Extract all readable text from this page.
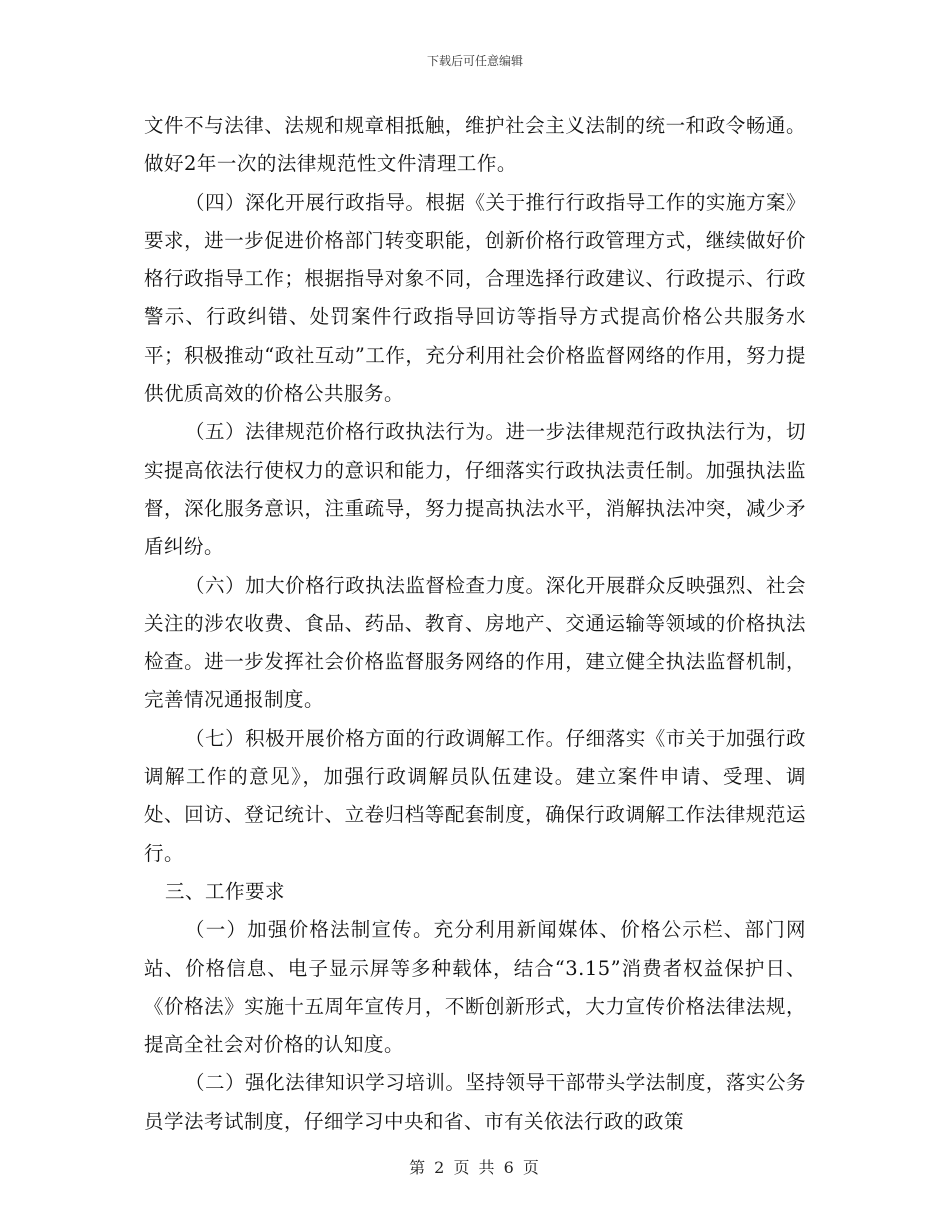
下载后可任意编辑

文件不与法律、法规和规章相抵触，维护社会主义法制的统一和政令畅通。做好2年一次的法律规范性文件清理工作。

（四）深化开展行政指导。根据《关于推行行政指导工作的实施方案》要求，进一步促进价格部门转变职能，创新价格行政管理方式，继续做好价格行政指导工作；根据指导对象不同，合理选择行政建议、行政提示、行政警示、行政纠错、处罚案件行政指导回访等指导方式提高价格公共服务水平；积极推动“政社互动”工作，充分利用社会价格监督网络的作用，努力提供优质高效的价格公共服务。

（五）法律规范价格行政执法行为。进一步法律规范行政执法行为，切实提高依法行使权力的意识和能力，仔细落实行政执法责任制。加强执法监督，深化服务意识，注重疏导，努力提高执法水平，消解执法冲突，减少矛盾纠纷。

（六）加大价格行政执法监督检查力度。深化开展群众反映强烈、社会关注的涉农收费、食品、药品、教育、房地产、交通运输等领域的价格执法检查。进一步发挥社会价格监督服务网络的作用，建立健全执法监督机制，完善情况通报制度。

（七）积极开展价格方面的行政调解工作。仔细落实《市关于加强行政调解工作的意见》，加强行政调解员队伍建设。建立案件申请、受理、调处、回访、登记统计、立卷归档等配套制度，确保行政调解工作法律规范运行。

三、工作要求

（一）加强价格法制宣传。充分利用新闻媒体、价格公示栏、部门网站、价格信息、电子显示屏等多种载体，结合“3.15”消费者权益保护日、《价格法》实施十五周年宣传月，不断创新形式，大力宣传价格法律法规，提高全社会对价格的认知度。

（二）强化法律知识学习培训。坚持领导干部带头学法制度，落实公务员学法考试制度，仔细学习中央和省、市有关依法行政的政策

第 2 页 共 6 页
